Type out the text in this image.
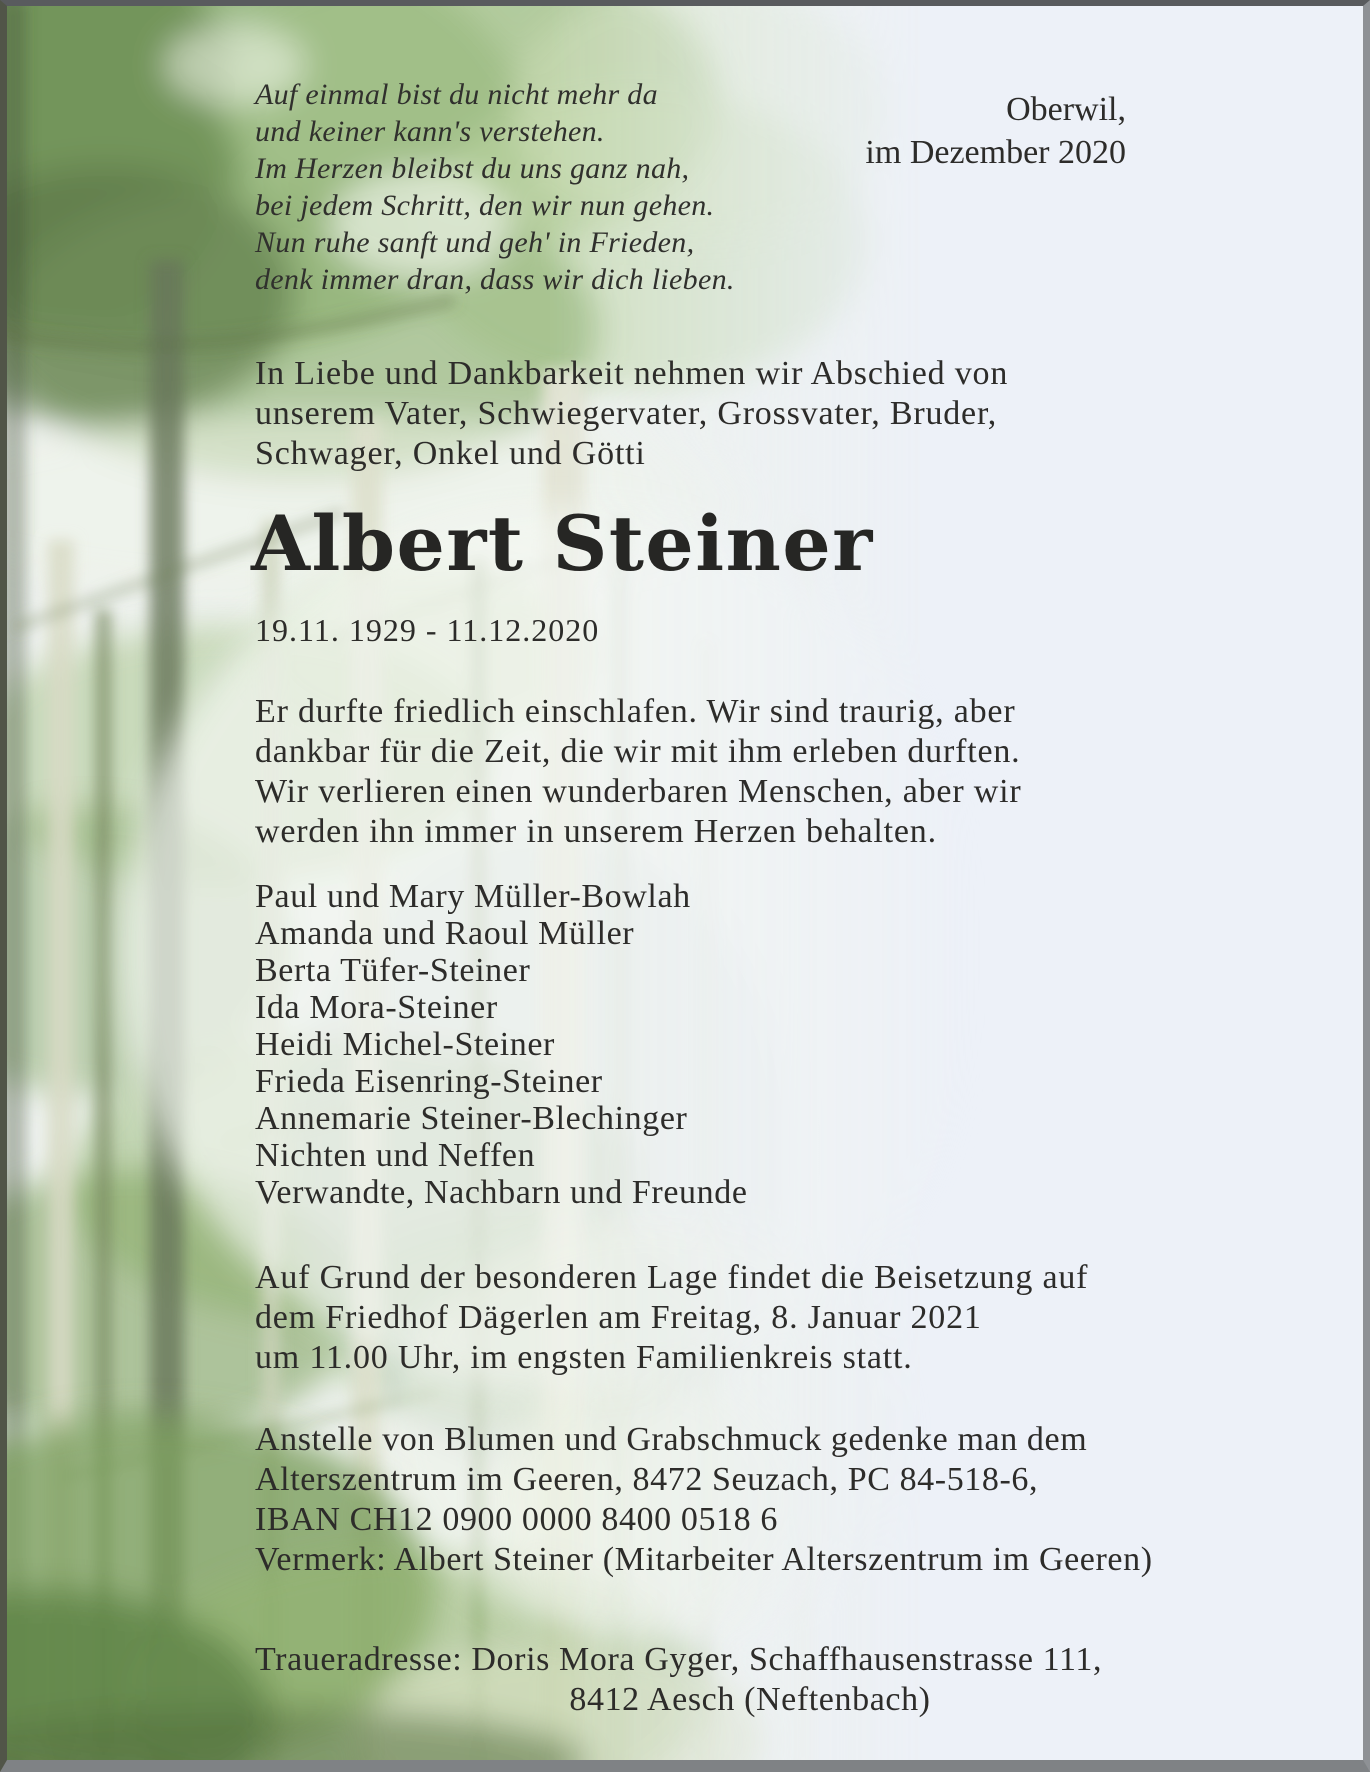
Auf einmal bist du nicht mehr da
und keiner kann's verstehen.
Im Herzen bleibst du uns ganz nah,
bei jedem Schritt, den wir nun gehen.
Nun ruhe sanft und geh' in Frieden,
denk immer dran, dass wir dich lieben.
Oberwil,
im Dezember 2020
In Liebe und Dankbarkeit nehmen wir Abschied von
unserem Vater, Schwiegervater, Grossvater, Bruder,
Schwager, Onkel und Götti
Albert Steiner
19.11. 1929 - 11.12.2020
Er durfte friedlich einschlafen. Wir sind traurig, aber
dankbar für die Zeit, die wir mit ihm erleben durften.
Wir verlieren einen wunderbaren Menschen, aber wir
werden ihn immer in unserem Herzen behalten.
Paul und Mary Müller-Bowlah
Amanda und Raoul Müller
Berta Tüfer-Steiner
Ida Mora-Steiner
Heidi Michel-Steiner
Frieda Eisenring-Steiner
Annemarie Steiner-Blechinger
Nichten und Neffen
Verwandte, Nachbarn und Freunde
Auf Grund der besonderen Lage findet die Beisetzung auf
dem Friedhof Dägerlen am Freitag, 8. Januar 2021
um 11.00 Uhr, im engsten Familienkreis statt.
Anstelle von Blumen und Grabschmuck gedenke man dem
Alterszentrum im Geeren, 8472 Seuzach, PC 84-518-6,
IBAN CH12 0900 0000 8400 0518 6
Vermerk: Albert Steiner (Mitarbeiter Alterszentrum im Geeren)
Traueradresse: Doris Mora Gyger, Schaffhausenstrasse 111,
8412 Aesch (Neftenbach)
